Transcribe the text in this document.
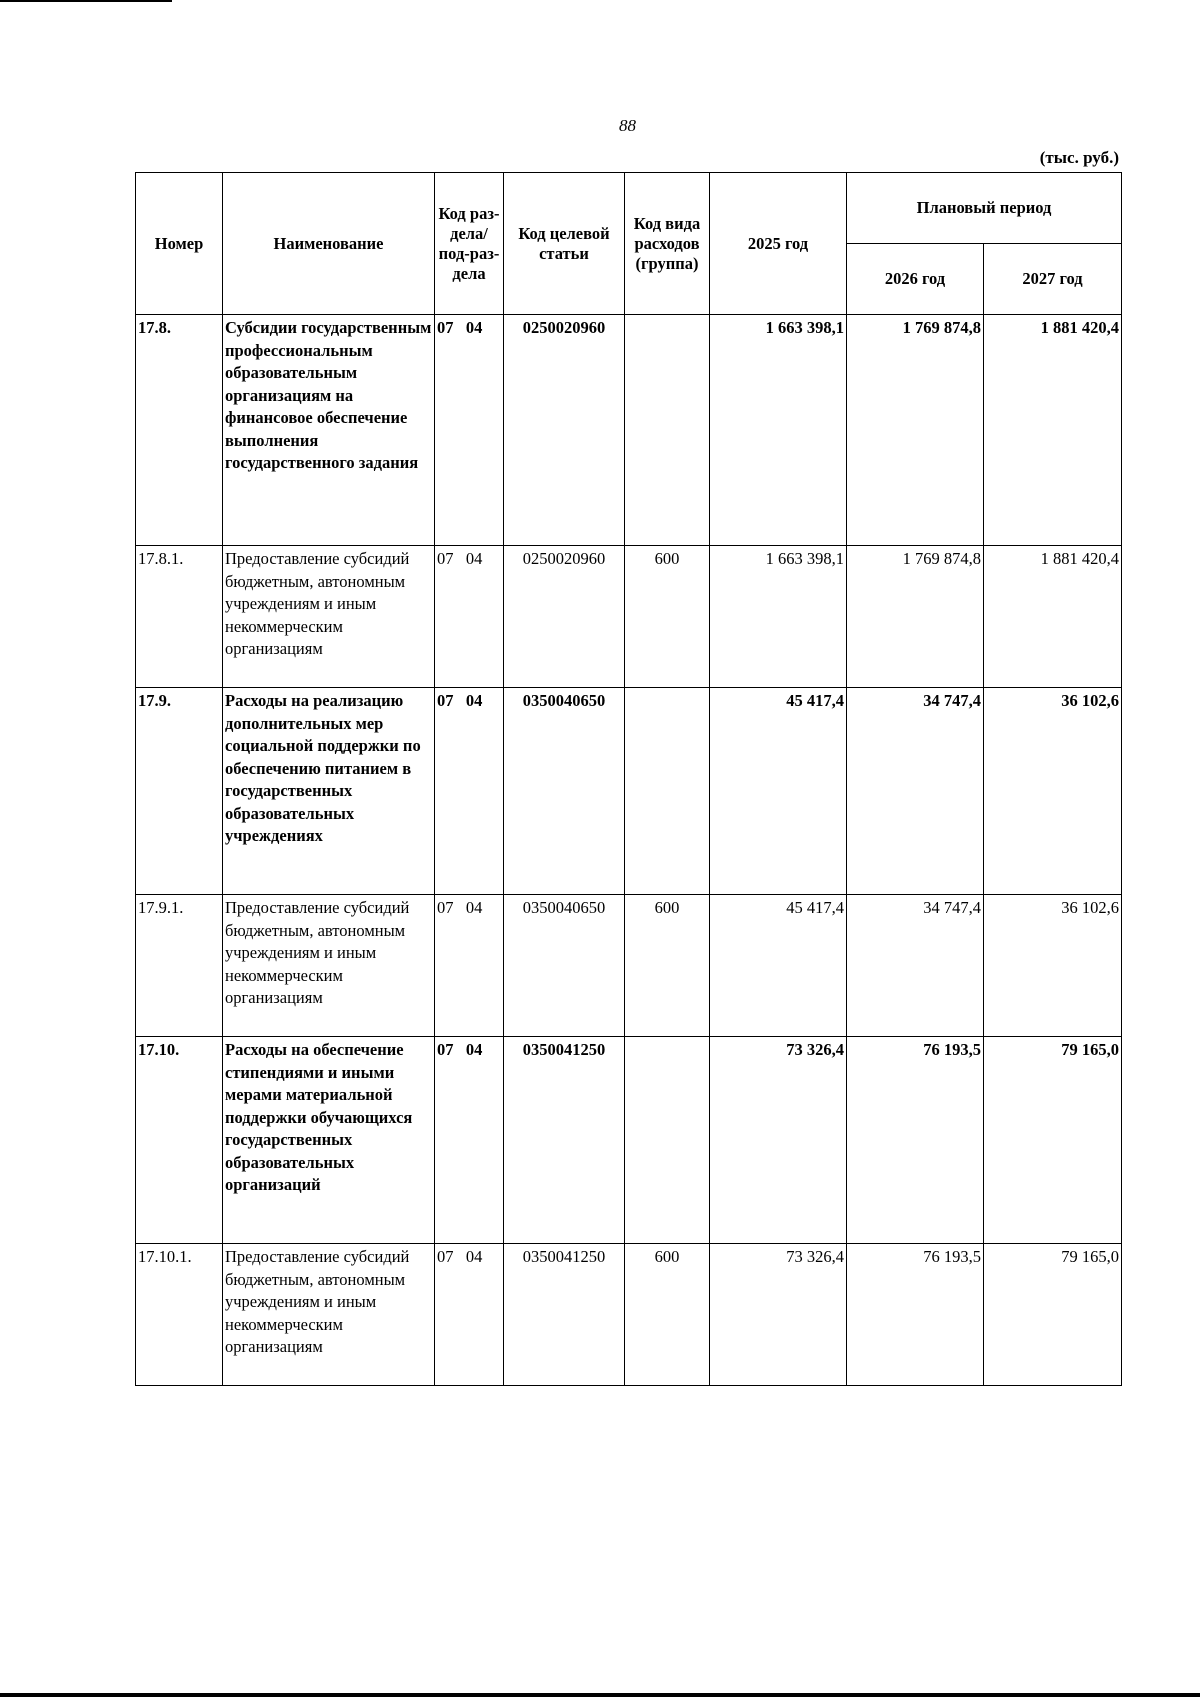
88
(тыс. руб.)
Номер	Наименование	Код раз-дела/ под-раз-дела	Код целевой статьи	Код вида расходов (группа)	2025 год	Плановый период	
						2026 год	2027 год
17.8.	Субсидии государственным профессиональным образовательным организациям на финансовое обеспечение выполнения государственного задания	07   04	0250020960		1 663 398,1	1 769 874,8	1 881 420,4
17.8.1.	Предоставление субсидий бюджетным, автономным учреждениям и иным некоммерческим организациям	07   04	0250020960	600	1 663 398,1	1 769 874,8	1 881 420,4
17.9.	Расходы на реализацию дополнительных мер социальной поддержки по обеспечению питанием в государственных образовательных учреждениях	07   04	0350040650		45 417,4	34 747,4	36 102,6
17.9.1.	Предоставление субсидий бюджетным, автономным учреждениям и иным некоммерческим организациям	07   04	0350040650	600	45 417,4	34 747,4	36 102,6
17.10.	Расходы на обеспечение стипендиями и иными мерами материальной поддержки обучающихся государственных образовательных организаций	07   04	0350041250		73 326,4	76 193,5	79 165,0
17.10.1.	Предоставление субсидий бюджетным, автономным учреждениям и иным некоммерческим организациям	07   04	0350041250	600	73 326,4	76 193,5	79 165,0
